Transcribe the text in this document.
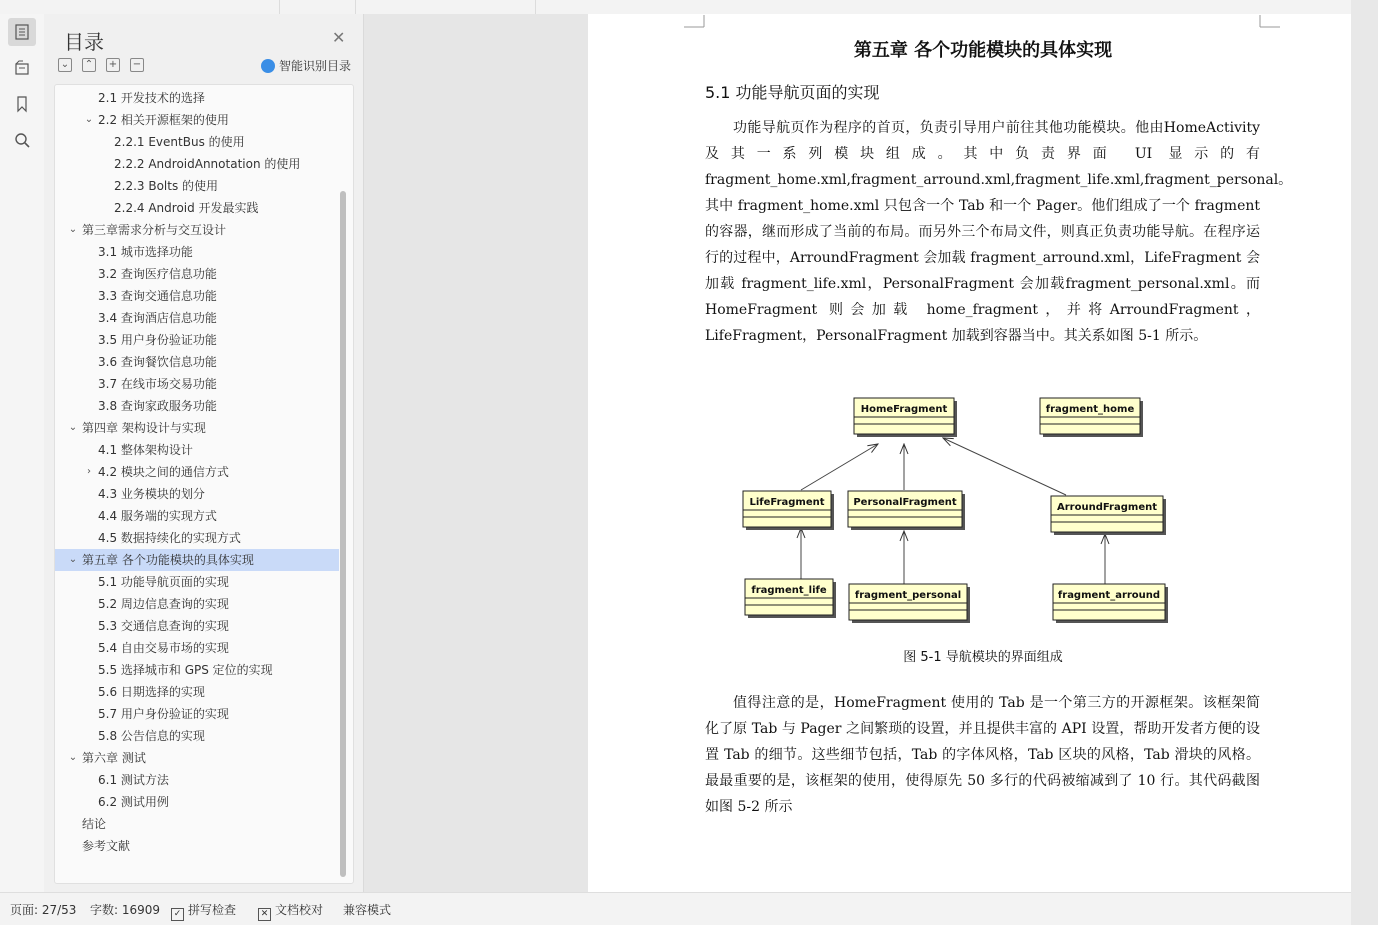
目录	✕
⌄ ⌃ + −	智能识别目录
2.1 开发技术的选择
⌄ 2.2 相关开源框架的使用
2.2.1 EventBus 的使用
2.2.2 AndroidAnnotation 的使用
2.2.3 Bolts 的使用
2.2.4 Android 开发最实践
⌄ 第三章需求分析与交互设计
3.1 城市选择功能
3.2 查询医疗信息功能
3.3 查询交通信息功能
3.4 查询酒店信息功能
3.5 用户身份验证功能
3.6 查询餐饮信息功能
3.7 在线市场交易功能
3.8 查询家政服务功能
⌄ 第四章 架构设计与实现
4.1 整体架构设计
› 4.2 模块之间的通信方式
4.3 业务模块的划分
4.4 服务端的实现方式
4.5 数据持续化的实现方式
⌄ 第五章 各个功能模块的具体实现
5.1 功能导航页面的实现
5.2 周边信息查询的实现
5.3 交通信息查询的实现
5.4 自由交易市场的实现
5.5 选择城市和 GPS 定位的实现
5.6 日期选择的实现
5.7 用户身份验证的实现
5.8 公告信息的实现
⌄ 第六章 测试
6.1 测试方法
6.2 测试用例
结论
参考文献
第五章 各个功能模块的具体实现
5.1 功能导航页面的实现
功能导航页作为程序的首页，负责引导用户前往其他功能模块。他由HomeActivity 及其一系列模块组成。其中负责界面 UI 显示的有fragment_home.xml,fragment_arround.xml,fragment_life.xml,fragment_personal。其中 fragment_home.xml 只包含一个 Tab 和一个 Pager。他们组成了一个 fragment 的容器，继而形成了当前的布局。而另外三个布局文件，则真正负责功能导航。在程序运行的过程中，ArroundFragment 会加载 fragment_arround.xml，LifeFragment 会加载 fragment_life.xml，PersonalFragment 会加载fragment_personal.xml。而 HomeFragment 则会加载 home_fragment，并将ArroundFragment，LifeFragment，PersonalFragment 加载到容器当中。其关系如图 5-1 所示。
HomeFragment	fragment_home
LifeFragment	PersonalFragment	ArroundFragment
fragment_life	fragment_personal	fragment_arround
图 5-1 导航模块的界面组成
值得注意的是，HomeFragment 使用的 Tab 是一个第三方的开源框架。该框架简化了原 Tab 与 Pager 之间繁琐的设置，并且提供丰富的 API 设置，帮助开发者方便的设置 Tab 的细节。这些细节包括，Tab 的字体风格，Tab 区块的风格，Tab 滑块的风格。最最重要的是，该框架的使用，使得原先 50 多行的代码被缩减到了 10 行。其代码截图如图 5-2 所示
页面: 27/53 字数: 16909	✓ 拼写检查	✕ 文档校对 兼容模式
